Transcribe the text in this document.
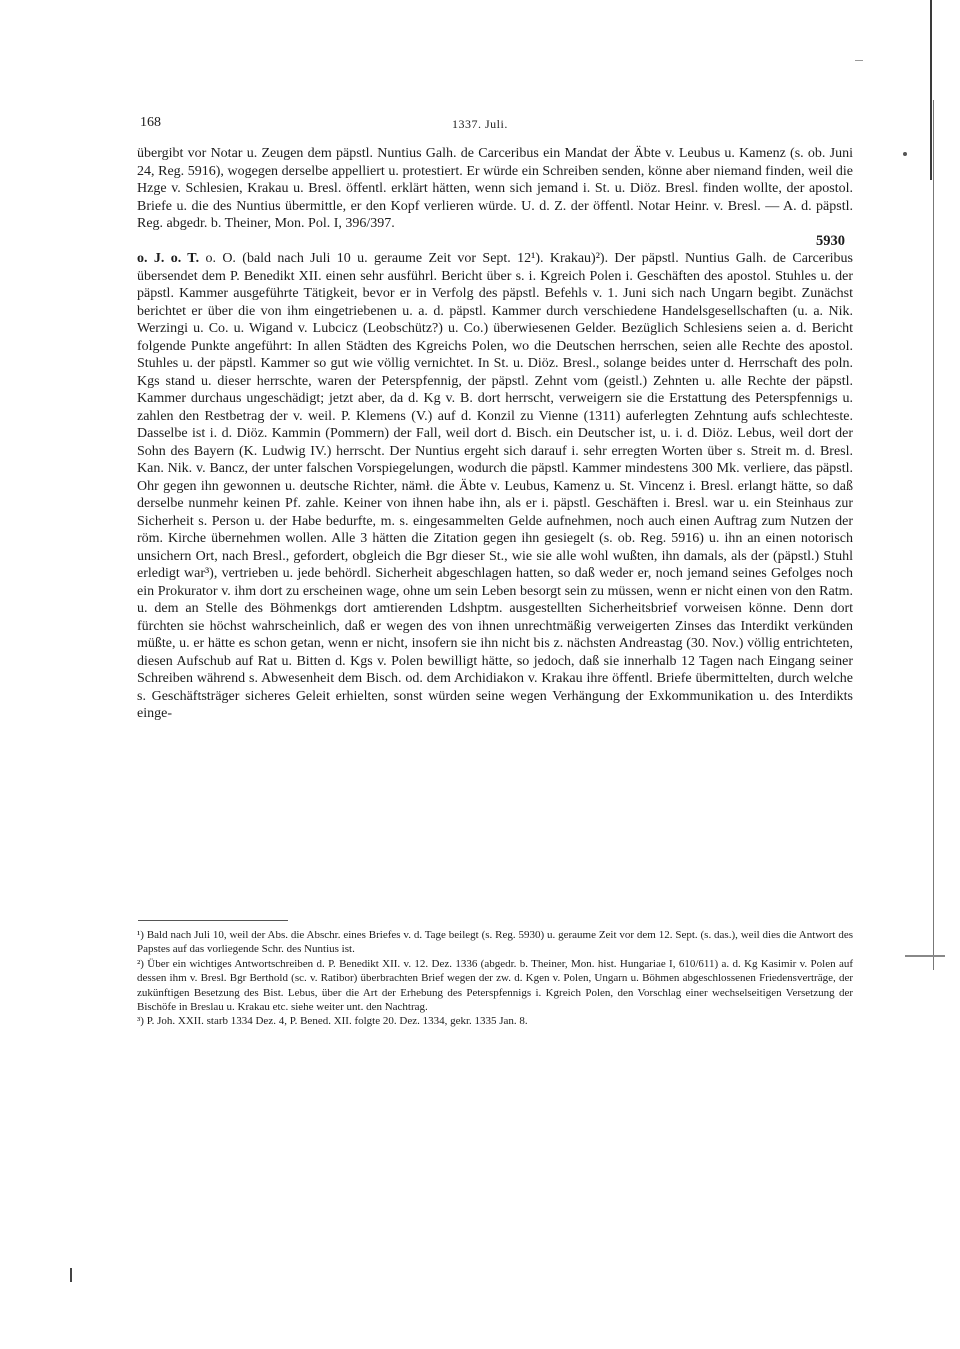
168	1337. Juli.

übergibt vor Notar u. Zeugen dem päpstl. Nuntius Galh. de Carceribus ein Mandat der Äbte v. Leubus u. Kamenz (s. ob. Juni 24, Reg. 5916), wogegen derselbe appelliert u. protestiert. Er würde ein Schreiben senden, könne aber niemand finden, weil die Hzge v. Schlesien, Krakau u. Bresl. öffentl. erklärt hätten, wenn sich jemand i. St. u. Diöz. Bresl. finden wollte, der apostol. Briefe u. die des Nuntius übermittle, er den Kopf verlieren würde. U. d. Z. der öffentl. Notar Heinr. v. Bresl. — A. d. päpstl. Reg. abgedr. b. Theiner, Mon. Pol. I, 396/397.

5930

o. J. o. T. o. O. (bald nach Juli 10 u. geraume Zeit vor Sept. 12¹). Krakau)²). Der päpstl. Nuntius Galh. de Carceribus übersendet dem P. Benedikt XII. einen sehr ausführl. Bericht über s. i. Kgreich Polen i. Geschäften des apostol. Stuhles u. der päpstl. Kammer ausgeführte Tätigkeit, bevor er in Verfolg des päpstl. Befehls v. 1. Juni sich nach Ungarn begibt. Zunächst berichtet er über die von ihm eingetriebenen u. a. d. päpstl. Kammer durch verschiedene Handelsgesellschaften (u. a. Nik. Werzingi u. Co. u. Wigand v. Lubcicz (Leobschütz?) u. Co.) überwiesenen Gelder. Bezüglich Schlesiens seien a. d. Bericht folgende Punkte angeführt: In allen Städten des Kgreichs Polen, wo die Deutschen herrschen, seien alle Rechte des apostol. Stuhles u. der päpstl. Kammer so gut wie völlig vernichtet. In St. u. Diöz. Bresl., solange beides unter d. Herrschaft des poln. Kgs stand u. dieser herrschte, waren der Peterspfennig, der päpstl. Zehnt vom (geistl.) Zehnten u. alle Rechte der päpstl. Kammer durchaus ungeschädigt; jetzt aber, da d. Kg v. B. dort herrscht, verweigern sie die Erstattung des Peterspfennigs u. zahlen den Restbetrag der v. weil. P. Klemens (V.) auf d. Konzil zu Vienne (1311) auferlegten Zehntung aufs schlechteste. Dasselbe ist i. d. Diöz. Kammin (Pommern) der Fall, weil dort d. Bisch. ein Deutscher ist, u. i. d. Diöz. Lebus, weil dort der Sohn des Bayern (K. Ludwig IV.) herrscht. Der Nuntius ergeht sich darauf i. sehr erregten Worten über s. Streit m. d. Bresl. Kan. Nik. v. Bancz, der unter falschen Vorspiegelungen, wodurch die päpstl. Kammer mindestens 300 Mk. verliere, das päpstl. Ohr gegen ihn gewonnen u. deutsche Richter, nämł. die Äbte v. Leubus, Kamenz u. St. Vincenz i. Bresl. erlangt hätte, so daß derselbe nunmehr keinen Pf. zahle. Keiner von ihnen habe ihn, als er i. päpstl. Geschäften i. Bresl. war u. ein Steinhaus zur Sicherheit s. Person u. der Habe bedurfte, m. s. eingesammelten Gelde aufnehmen, noch auch einen Auftrag zum Nutzen der röm. Kirche übernehmen wollen. Alle 3 hätten die Zitation gegen ihn gesiegelt (s. ob. Reg. 5916) u. ihn an einen notorisch unsichern Ort, nach Bresl., gefordert, obgleich die Bgr dieser St., wie sie alle wohl wußten, ihn damals, als der (päpstl.) Stuhl erledigt war³), vertrieben u. jede behördl. Sicherheit abgeschlagen hatten, so daß weder er, noch jemand seines Gefolges noch ein Prokurator v. ihm dort zu erscheinen wage, ohne um sein Leben besorgt sein zu müssen, wenn er nicht einen von den Ratm. u. dem an Stelle des Böhmenkgs dort amtierenden Ldshptm. ausgestellten Sicherheitsbrief vorweisen könne. Denn dort fürchten sie höchst wahrscheinlich, daß er wegen des von ihnen unrechtmäßig verweigerten Zinses das Interdikt verkünden müßte, u. er hätte es schon getan, wenn er nicht, insofern sie ihn nicht bis z. nächsten Andreastag (30. Nov.) völlig entrichteten, diesen Aufschub auf Rat u. Bitten d. Kgs v. Polen bewilligt hätte, so jedoch, daß sie innerhalb 12 Tagen nach Eingang seiner Schreiben während s. Abwesenheit dem Bisch. od. dem Archidiakon v. Krakau ihre öffentl. Briefe übermittelten, durch welche s. Geschäftsträger sicheres Geleit erhielten, sonst würden seine wegen Verhängung der Exkommunikation u. des Interdikts einge-

¹) Bald nach Juli 10, weil der Abs. die Abschr. eines Briefes v. d. Tage beilegt (s. Reg. 5930) u. geraume Zeit vor dem 12. Sept. (s. das.), weil dies die Antwort des Papstes auf das vorliegende Schr. des Nuntius ist.

²) Über ein wichtiges Antwortschreiben d. P. Benedikt XII. v. 12. Dez. 1336 (abgedr. b. Theiner, Mon. hist. Hungariae I, 610/611) a. d. Kg Kasimir v. Polen auf dessen ihm v. Bresl. Bgr Berthold (sc. v. Ratibor) überbrachten Brief wegen der zw. d. Kgen v. Polen, Ungarn u. Böhmen abgeschlossenen Friedensverträge, der zukünftigen Besetzung des Bist. Lebus, über die Art der Erhebung des Peterspfennigs i. Kgreich Polen, den Vorschlag einer wechselseitigen Versetzung der Bischöfe in Breslau u. Krakau etc. siehe weiter unt. den Nachtrag.

³) P. Joh. XXII. starb 1334 Dez. 4, P. Bened. XII. folgte 20. Dez. 1334, gekr. 1335 Jan. 8.
